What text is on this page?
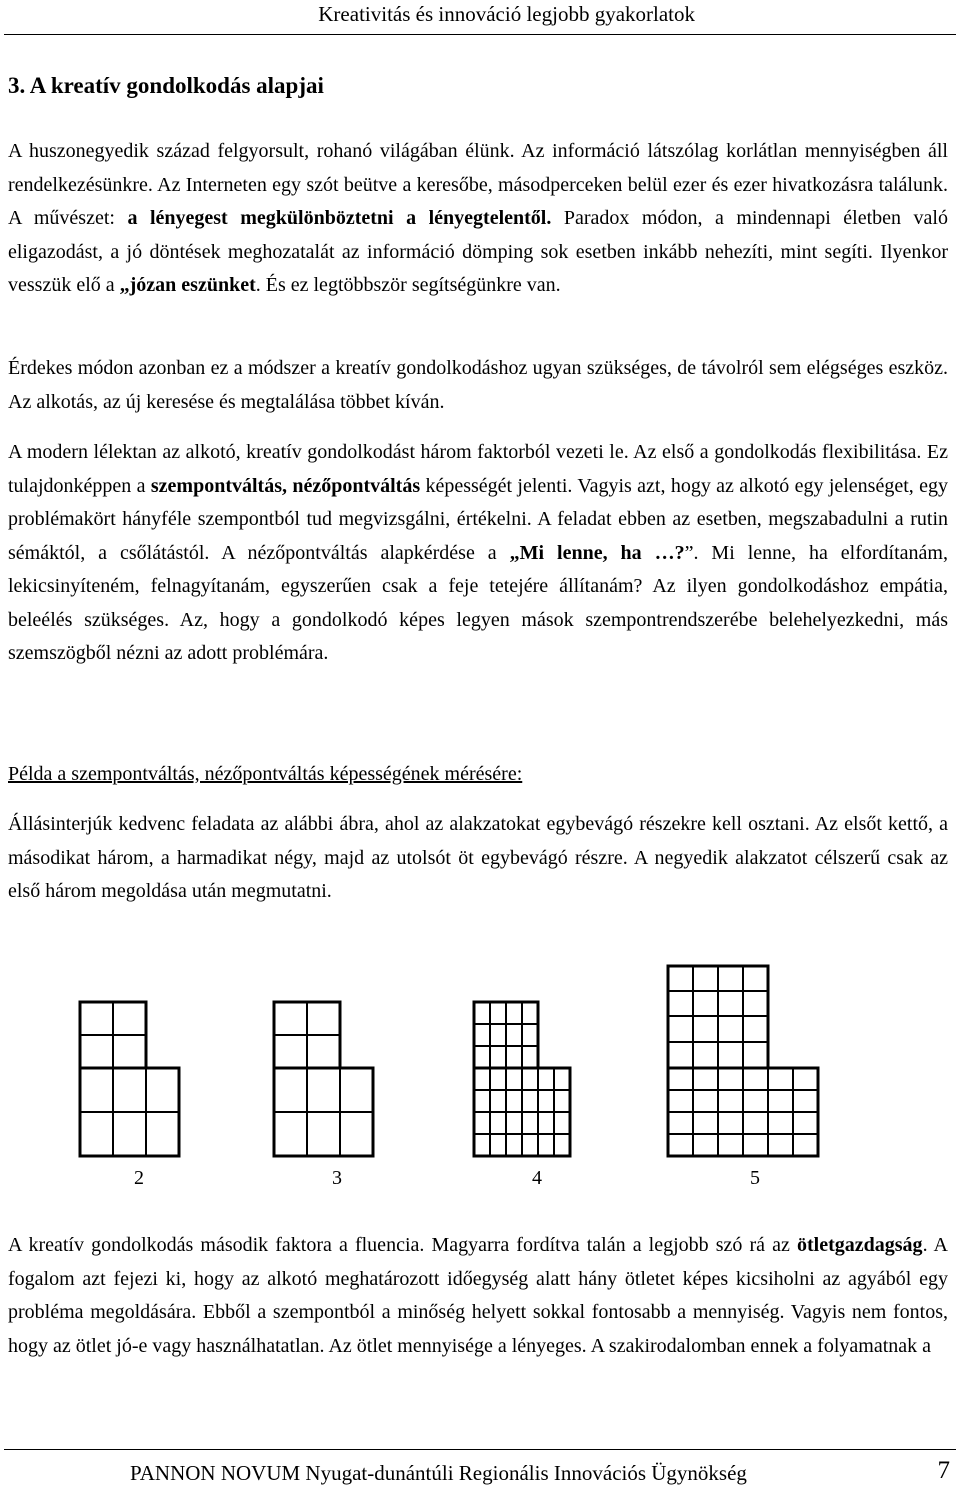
Kreativitás és innováció legjobb gyakorlatok
3. A kreatív gondolkodás alapjai

A huszonegyedik század felgyorsult, rohanó világában élünk. Az információ látszólag korlátlan mennyiségben áll rendelkezésünkre. Az Interneten egy szót beütve a keresőbe, másodperceken belül ezer és ezer hivatkozásra találunk. A művészet: a lényegest megkülönböztetni a lényegtelentől. Paradox módon, a mindennapi életben való eligazodást, a jó döntések meghozatalát az információ dömping sok esetben inkább nehezíti, mint segíti. Ilyenkor vesszük elő a „józan eszünket. És ez legtöbbször segítségünkre van.

Érdekes módon azonban ez a módszer a kreatív gondolkodáshoz ugyan szükséges, de távolról sem elégséges eszköz. Az alkotás, az új keresése és megtalálása többet kíván.

A modern lélektan az alkotó, kreatív gondolkodást három faktorból vezeti le. Az első a gondolkodás flexibilitása. Ez tulajdonképpen a szempontváltás, nézőpontváltás képességét jelenti. Vagyis azt, hogy az alkotó egy jelenséget, egy problémakört hányféle szempontból tud megvizsgálni, értékelni. A feladat ebben az esetben, megszabadulni a rutin sémáktól, a csőlátástól. A nézőpontváltás alapkérdése a „Mi lenne, ha …?”. Mi lenne, ha elfordítanám, lekicsinyíteném, felnagyítanám, egyszerűen csak a feje tetejére állítanám? Az ilyen gondolkodáshoz empátia, beleélés szükséges. Az, hogy a gondolkodó képes legyen mások szempontrendszerébe belehelyezkedni, más szemszögből nézni az adott problémára.

Példa a szempontváltás, nézőpontváltás képességének mérésére:

Állásinterjúk kedvenc feladata az alábbi ábra, ahol az alakzatokat egybevágó részekre kell osztani. Az elsőt kettő, a másodikat három, a harmadikat négy, majd az utolsót öt egybevágó részre. A negyedik alakzatot célszerű csak az első három megoldása után megmutatni.

2	3	4	5

A kreatív gondolkodás második faktora a fluencia. Magyarra fordítva talán a legjobb szó rá az ötletgazdagság. A fogalom azt fejezi ki, hogy az alkotó meghatározott időegység alatt hány ötletet képes kicsiholni az agyából egy probléma megoldására. Ebből a szempontból a minőség helyett sokkal fontosabb a mennyiség. Vagyis nem fontos, hogy az ötlet jó-e vagy használhatatlan. Az ötlet mennyisége a lényeges. A szakirodalomban ennek a folyamatnak a

PANNON NOVUM Nyugat-dunántúli Regionális Innovációs Ügynökség	7
